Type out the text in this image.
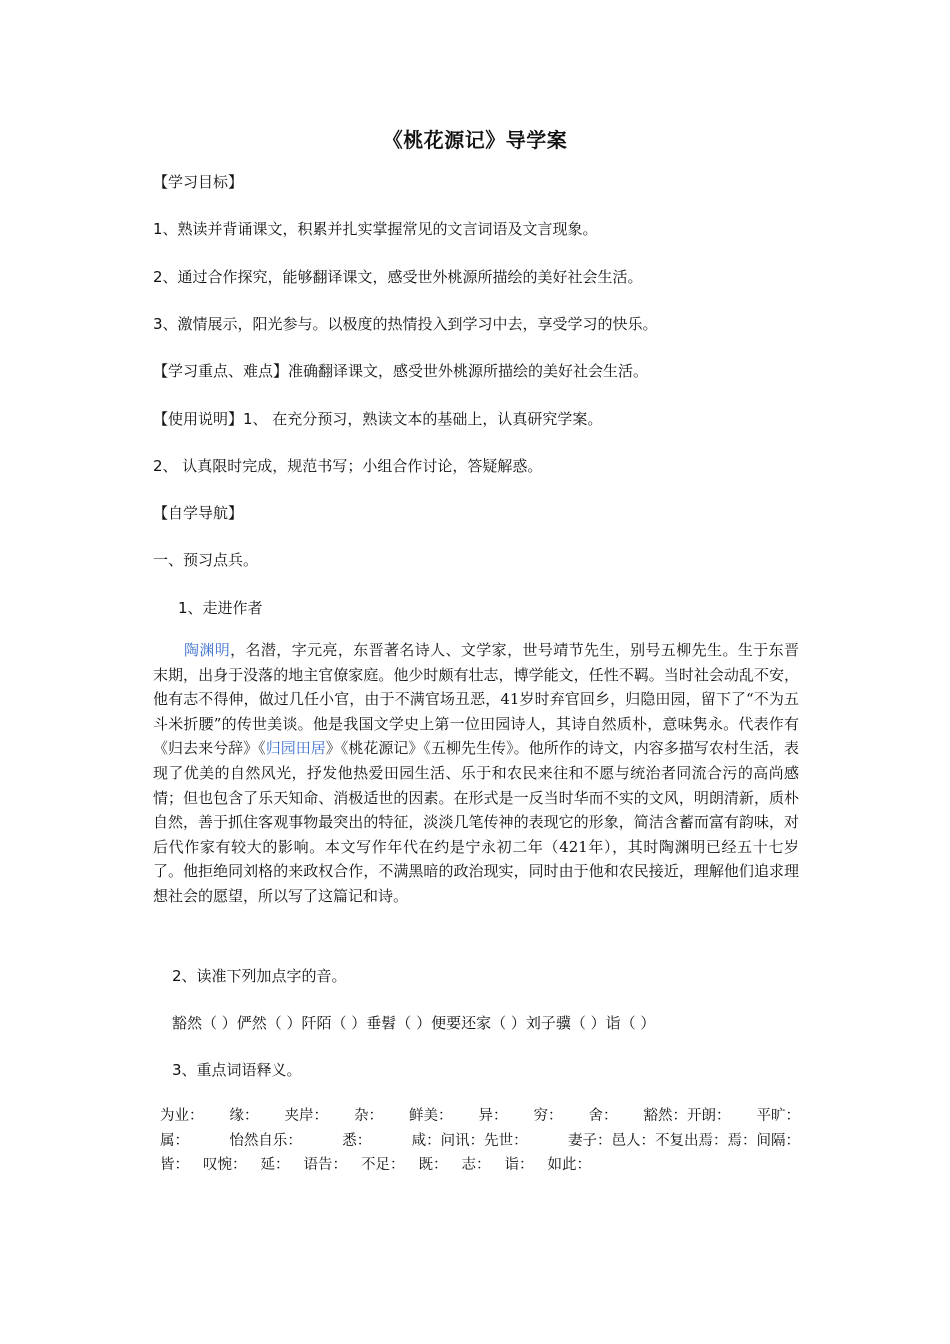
《桃花源记》导学案
【学习目标】
1、熟读并背诵课文，积累并扎实掌握常见的文言词语及文言现象。
2、通过合作探究，能够翻译课文，感受世外桃源所描绘的美好社会生活。
3、激情展示，阳光参与。以极度的热情投入到学习中去，享受学习的快乐。
【学习重点、难点】准确翻译课文，感受世外桃源所描绘的美好社会生活。
【使用说明】1、 在充分预习，熟读文本的基础上，认真研究学案。
2、 认真限时完成，规范书写；小组合作讨论，答疑解惑。
【自学导航】
一、预习点兵。
1、走进作者
陶渊明，名潜，字元亮，东晋著名诗人、文学家，世号靖节先生，别号五柳先生。生于东晋末期，出身于没落的地主官僚家庭。他少时颇有壮志，博学能文，任性不羁。当时社会动乱不安，他有志不得伸，做过几任小官，由于不满官场丑恶，41岁时弃官回乡，归隐田园，留下了“不为五斗米折腰”的传世美谈。他是我国文学史上第一位田园诗人，其诗自然质朴，意味隽永。代表作有《归去来兮辞》《归园田居》《桃花源记》《五柳先生传》。他所作的诗文，内容多描写农村生活，表现了优美的自然风光，抒发他热爱田园生活、乐于和农民来往和不愿与统治者同流合污的高尚感情；但也包含了乐天知命、消极适世的因素。在形式是一反当时华而不实的文风，明朗清新，质朴自然，善于抓住客观事物最突出的特征，淡淡几笔传神的表现它的形象，简洁含蓄而富有韵味，对后代作家有较大的影响。本文写作年代在约是宁永初二年（421年），其时陶渊明已经五十七岁了。他拒绝同刘格的来政权合作，不满黑暗的政治现实，同时由于他和农民接近，理解他们追求理想社会的愿望，所以写了这篇记和诗。
2、读准下列加点字的音。
豁然（ ）俨然（ ）阡陌（ ）垂髫（ ）便要还家（ ）刘子骥（ ）诣（ ）
3、重点词语释义。
为业： 缘： 夹岸： 杂： 鲜美： 异： 穷： 舍： 豁然：开朗： 平旷：
属：	怡然自乐：	悉：	咸：问讯：先世：	妻子：邑人：不复出焉：焉：间隔：
皆： 叹惋： 延： 语告： 不足： 既： 志： 诣： 如此：
